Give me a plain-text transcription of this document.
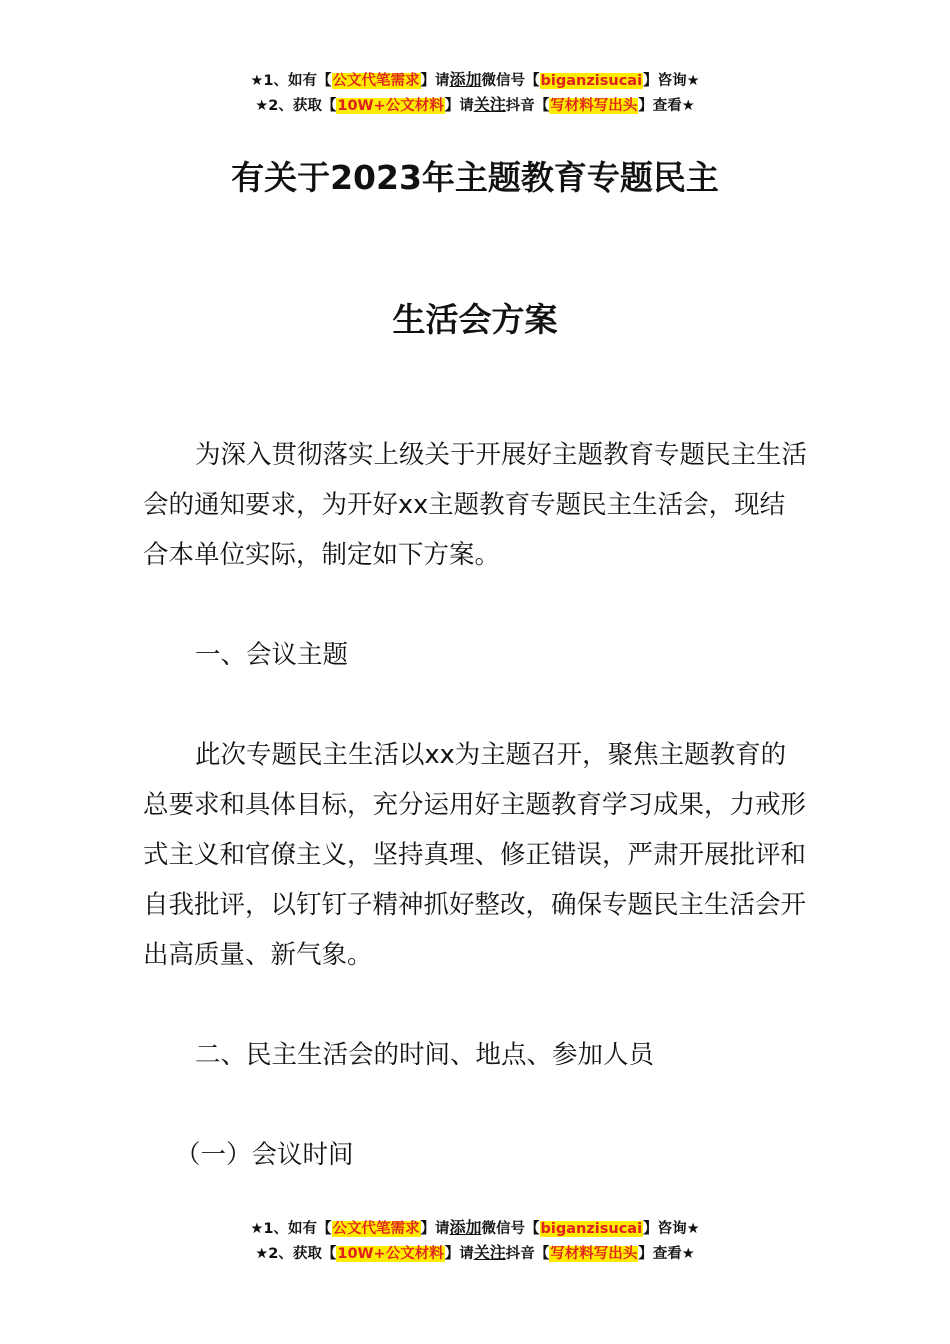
★1、如有【公文代笔需求】请添加微信号【biganzisucai】咨询★
★2、获取【10W+公文材料】请关注抖音【写材料写出头】查看★
有关于2023年主题教育专题民主
生活会方案

为深入贯彻落实上级关于开展好主题教育专题民主生活会的通知要求，为开好xx主题教育专题民主生活会，现结合本单位实际，制定如下方案。

一、会议主题

此次专题民主生活以xx为主题召开，聚焦主题教育的总要求和具体目标，充分运用好主题教育学习成果，力戒形式主义和官僚主义，坚持真理、修正错误，严肃开展批评和自我批评，以钉钉子精神抓好整改，确保专题民主生活会开出高质量、新气象。

二、民主生活会的时间、地点、参加人员

（一）会议时间

★1、如有【公文代笔需求】请添加微信号【biganzisucai】咨询★
★2、获取【10W+公文材料】请关注抖音【写材料写出头】查看★
